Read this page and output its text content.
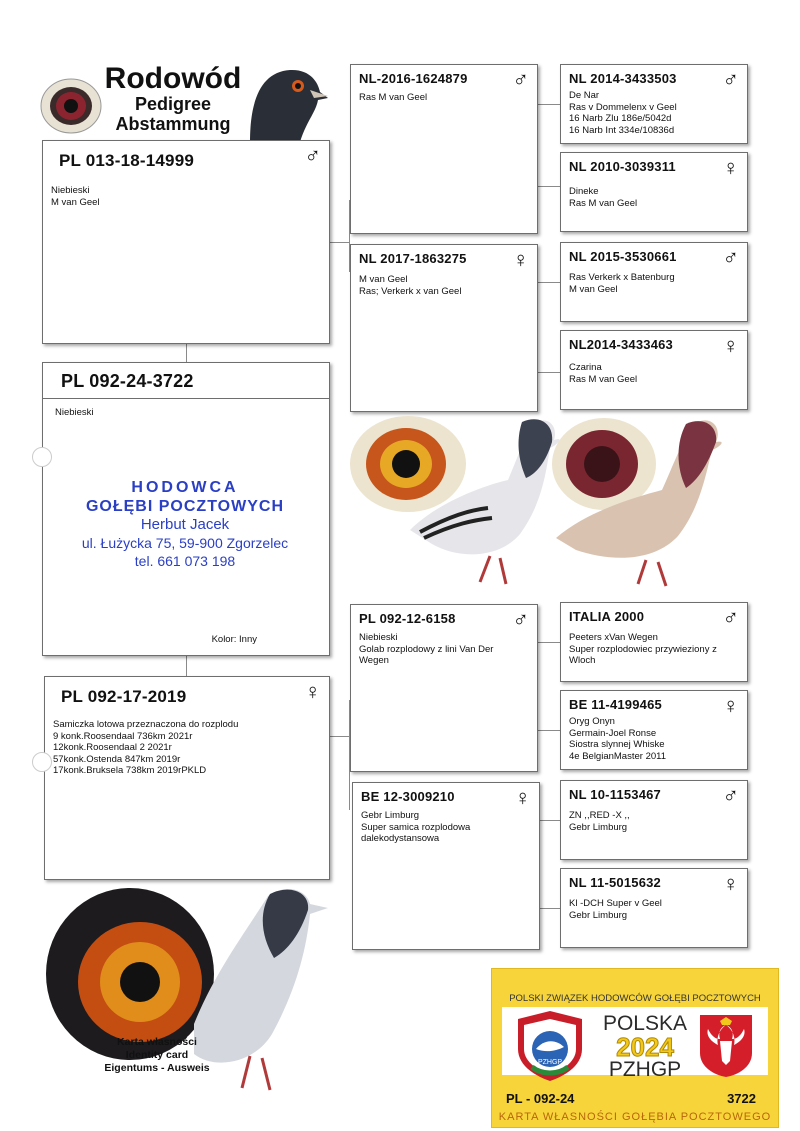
Rodowód
Pedigree
Abstammung
PL 013-18-14999	♂
Niebieski
M van Geel
PL 092-24-3722
Niebieski
Kolor: Inny
HODOWCA
GOŁĘBI POCZTOWYCH
Herbut Jacek
ul. Łużycka 75, 59-900 Zgorzelec
tel. 661 073 198
PL 092-17-2019	♀
Samiczka lotowa przeznaczona do rozplodu
9 konk.Roosendaal 736km 2021r
12konk.Roosendaal 2 2021r
57konk.Ostenda 847km 2019r
17konk.Bruksela 738km 2019rPKLD
NL-2016-1624879	♂
Ras M van Geel
NL 2017-1863275	♀
M van Geel
Ras; Verkerk x van Geel
PL 092-12-6158	♂
Niebieski
Golab rozplodowy z lini Van Der
Wegen
BE 12-3009210	♀
Gebr Limburg
Super samica rozplodowa
dalekodystansowa
NL 2014-3433503	♂
De Nar
Ras v Dommelenx v Geel
16 Narb Zlu 186e/5042d
16 Narb Int 334e/10836d
NL 2010-3039311	♀
Dineke
Ras M van Geel
NL 2015-3530661	♂
Ras Verkerk x Batenburg
M van Geel
NL2014-3433463	♀
Czarina
Ras M van Geel
ITALIA 2000	♂
Peeters xVan Wegen
Super rozplodowiec przywieziony z
Wloch
BE 11-4199465	♀
Oryg Onyn
Germain-Joel Ronse
Siostra slynnej Whiske
4e BelgianMaster 2011
NL 10-1153467	♂
ZN ,,RED -X ,,
Gebr Limburg
NL 11-5015632	♀
Kl -DCH Super v Geel
Gebr Limburg
Karta własności
Identity card
Eigentums - Ausweis
POLSKI ZWIĄZEK HODOWCÓW GOŁĘBI POCZTOWYCH
PZHGP
POLSKA
2024
PZHGP
PL - 092-24	3722
KARTA WŁASNOŚCI GOŁĘBIA POCZTOWEGO
